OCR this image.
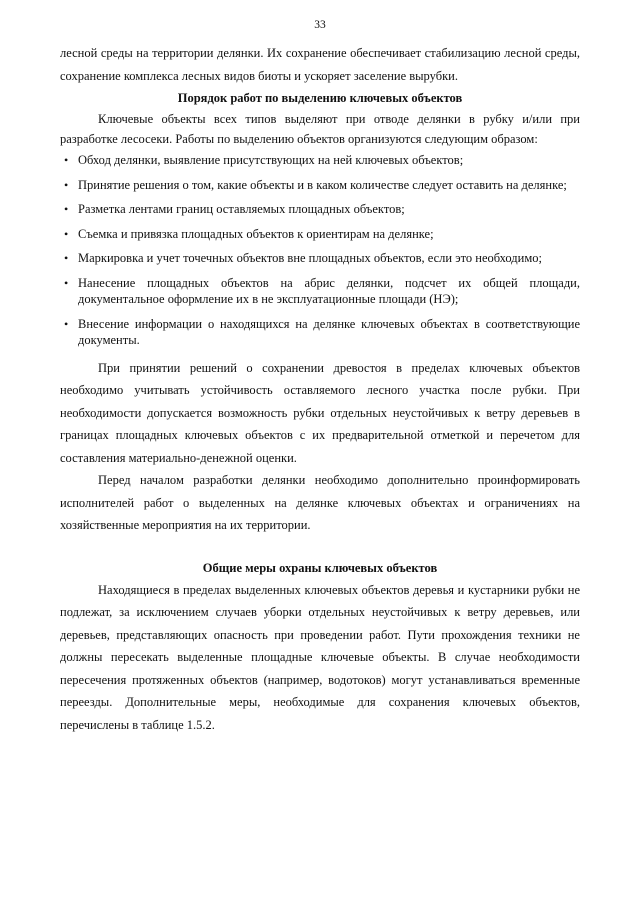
33

лесной среды на территории делянки. Их сохранение обеспечивает стабилизацию лесной среды, сохранение комплекса лесных видов биоты и ускоряет заселение вырубки.

Порядок работ по выделению ключевых объектов

Ключевые объекты всех типов выделяют при отводе делянки в рубку и/или при разработке лесосеки. Работы по выделению объектов организуются следующим образом:

• Обход делянки, выявление присутствующих на ней ключевых объектов;
• Принятие решения о том, какие объекты и в каком количестве следует оставить на делянке;
• Разметка лентами границ оставляемых площадных объектов;
• Съемка и привязка площадных объектов к ориентирам на делянке;
• Маркировка и учет точечных объектов вне площадных объектов, если это необходимо;
• Нанесение площадных объектов на абрис делянки, подсчет их общей площади, документальное оформление их в не эксплуатационные площади (НЭ);
• Внесение информации о находящихся на делянке ключевых объектах в соответствующие документы.

При принятии решений о сохранении древостоя в пределах ключевых объектов необходимо учитывать устойчивость оставляемого лесного участка после рубки. При необходимости допускается возможность рубки отдельных неустойчивых к ветру деревьев в границах площадных ключевых объектов с их предварительной отметкой и перечетом для составления материально-денежной оценки.

Перед началом разработки делянки необходимо дополнительно проинформировать исполнителей работ о выделенных на делянке ключевых объектах и ограничениях на хозяйственные мероприятия на их территории.

Общие меры охраны ключевых объектов

Находящиеся в пределах выделенных ключевых объектов деревья и кустарники рубки не подлежат, за исключением случаев уборки отдельных неустойчивых к ветру деревьев, или деревьев, представляющих опасность при проведении работ. Пути прохождения техники не должны пересекать выделенные площадные ключевые объекты. В случае необходимости пересечения протяженных объектов (например, водотоков) могут устанавливаться временные переезды. Дополнительные меры, необходимые для сохранения ключевых объектов, перечислены в таблице 1.5.2.
